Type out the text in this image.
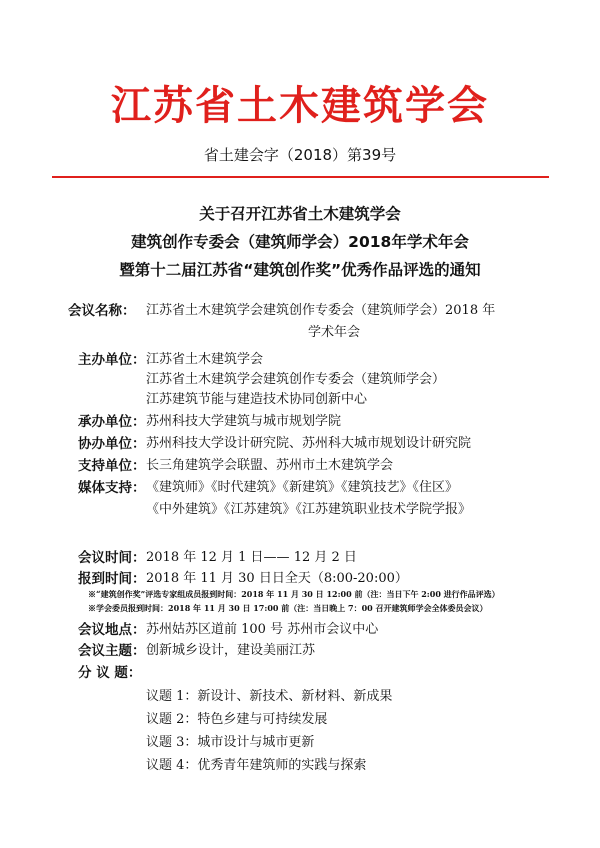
江苏省土木建筑学会
省土建会字（2018）第39号
关于召开江苏省土木建筑学会
建筑创作专委会（建筑师学会）2018年学术年会
暨第十二届江苏省“建筑创作奖”优秀作品评选的通知
会议名称： 江苏省土木建筑学会建筑创作专委会（建筑师学会）2018 年
学术年会
主办单位： 江苏省土木建筑学会
江苏省土木建筑学会建筑创作专委会（建筑师学会）
江苏建筑节能与建造技术协同创新中心
承办单位： 苏州科技大学建筑与城市规划学院
协办单位： 苏州科技大学设计研究院、苏州科大城市规划设计研究院
支持单位： 长三角建筑学会联盟、苏州市土木建筑学会
媒体支持： 《建筑师》《时代建筑》《新建筑》《建筑技艺》《住区》
《中外建筑》《江苏建筑》《江苏建筑职业技术学院学报》
会议时间： 2018 年 12 月 1 日—— 12 月 2 日
报到时间： 2018 年 11 月 30 日日全天（8:00-20:00）
※“建筑创作奖”评选专家组成员报到时间：2018 年 11 月 30 日 12:00 前（注：当日下午 2:00 进行作品评选）
※学会委员报到时间：2018 年 11 月 30 日 17:00 前（注：当日晚上 7：00 召开建筑师学会全体委员会议）
会议地点： 苏州姑苏区道前 100 号 苏州市会议中心
会议主题： 创新城乡设计，建设美丽江苏
分 议 题：
议题 1：新设计、新技术、新材料、新成果
议题 2：特色乡建与可持续发展
议题 3：城市设计与城市更新
议题 4：优秀青年建筑师的实践与探索
